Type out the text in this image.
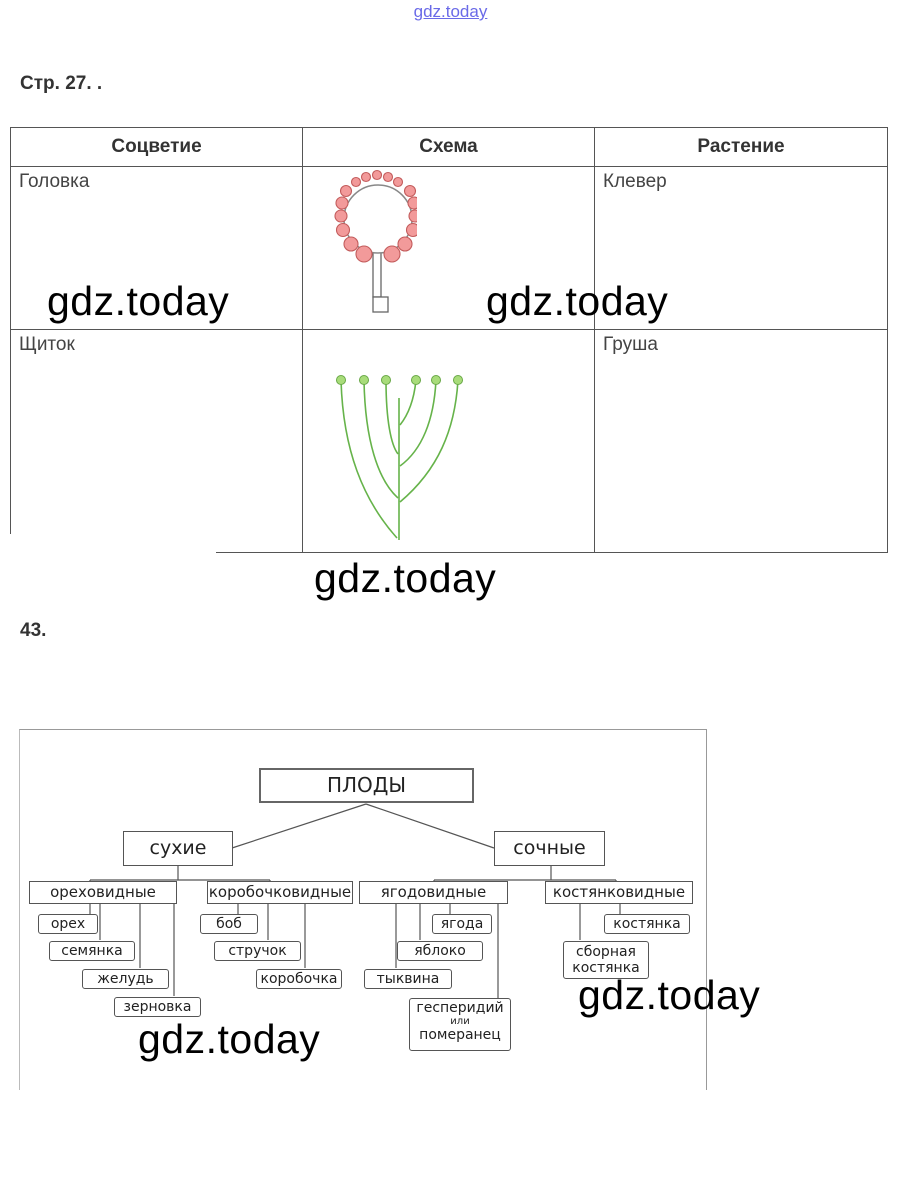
gdz.today
Стр. 27. .
Соцветие	Схема	Растение

Головка		Клевер

Щиток		Груша
gdz.today	gdz.today
gdz.today
43.
ПЛОДЫ
сухие	сочные
ореховидные	коробочковидные	ягодовидные	костянковидные
орех
семянка
желудь
зерновка
боб
стручок
коробочка
ягода
яблоко
тыквина
гесперидий
или
померанец
костянка
сборная
костянка
gdz.today
gdz.today
